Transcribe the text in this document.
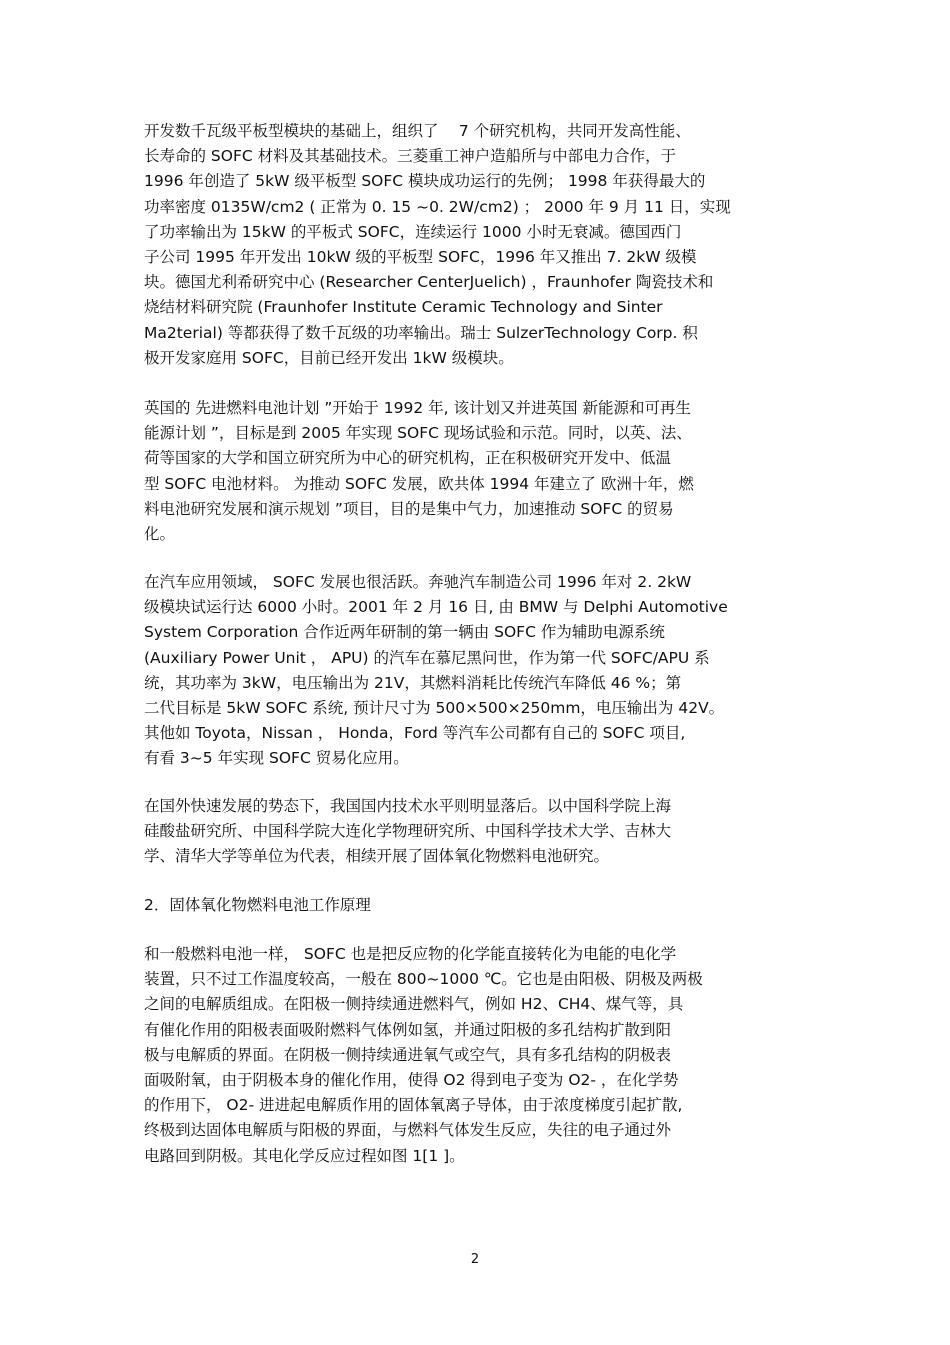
开发数千瓦级平板型模块的基础上，组织了　 7 个研究机构，共同开发高性能、
长寿命的 SOFC 材料及其基础技术。三菱重工神户造船所与中部电力合作，于
1996 年创造了 5kW 级平板型 SOFC 模块成功运行的先例； 1998 年获得最大的
功率密度 0135W/cm2 ( 正常为 0. 15 ~0. 2W/cm2) ； 2000 年 9 月 11 日，实现
了功率输出为 15kW 的平板式 SOFC，连续运行 1000 小时无衰减。德国西门
子公司 1995 年开发出 10kW 级的平板型 SOFC，1996 年又推出 7. 2kW 级模
块。德国尤利希研究中心 (Researcher CenterJuelich) ，Fraunhofer 陶瓷技术和
烧结材料研究院 (Fraunhofer Institute Ceramic Technology and Sinter
Ma2terial) 等都获得了数千瓦级的功率输出。瑞士 SulzerTechnology Corp. 积
极开发家庭用 SOFC，目前已经开发出 1kW 级模块。
英国的 先进燃料电池计划 ”开始于 1992 年, 该计划又并进英国 新能源和可再生
能源计划 ”，目标是到 2005 年实现 SOFC 现场试验和示范。同时，以英、法、
荷等国家的大学和国立研究所为中心的研究机构，正在积极研究开发中、低温
型 SOFC 电池材料。 为推动 SOFC 发展，欧共体 1994 年建立了 欧洲十年，燃
料电池研究发展和演示规划 ”项目，目的是集中气力，加速推动 SOFC 的贸易
化。
在汽车应用领域， SOFC 发展也很活跃。奔驰汽车制造公司 1996 年对 2. 2kW
级模块试运行达 6000 小时。2001 年 2 月 16 日, 由 BMW 与 Delphi Automotive
System Corporation 合作近两年研制的第一辆由 SOFC 作为辅助电源系统
(Auxiliary Power Unit ， APU) 的汽车在慕尼黑问世，作为第一代 SOFC/APU 系
统，其功率为 3kW，电压输出为 21V，其燃料消耗比传统汽车降低 46 %；第
二代目标是 5kW SOFC 系统, 预计尺寸为 500×500×250mm，电压输出为 42V。
其他如 Toyota，Nissan ， Honda，Ford 等汽车公司都有自己的 SOFC 项目,
有看 3~5 年实现 SOFC 贸易化应用。
在国外快速发展的势态下，我国国内技术水平则明显落后。以中国科学院上海
硅酸盐研究所、中国科学院大连化学物理研究所、中国科学技术大学、吉林大
学、清华大学等单位为代表，相续开展了固体氧化物燃料电池研究。
2．固体氧化物燃料电池工作原理
和一般燃料电池一样， SOFC 也是把反应物的化学能直接转化为电能的电化学
装置，只不过工作温度较高，一般在 800~1000 ℃。它也是由阳极、阴极及两极
之间的电解质组成。在阳极一侧持续通进燃料气，例如 H2、CH4、煤气等，具
有催化作用的阳极表面吸附燃料气体例如氢，并通过阳极的多孔结构扩散到阳
极与电解质的界面。在阴极一侧持续通进氧气或空气，具有多孔结构的阴极表
面吸附氧，由于阴极本身的催化作用，使得 O2 得到电子变为 O2- ，在化学势
的作用下， O2- 进进起电解质作用的固体氧离子导体，由于浓度梯度引起扩散,
终极到达固体电解质与阳极的界面，与燃料气体发生反应，失往的电子通过外
电路回到阴极。其电化学反应过程如图 1[1 ]。
2
